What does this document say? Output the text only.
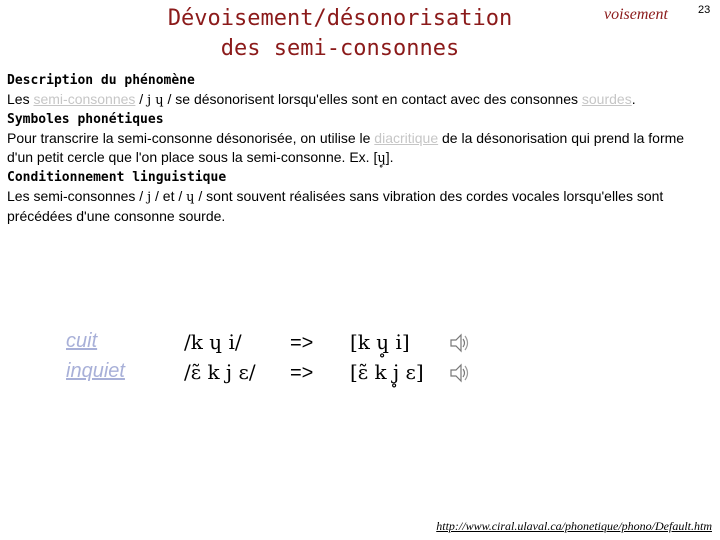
Dévoisement/désonorisation
des semi-consonnes
voisement	23
Description du phénomène
Les semi-consonnes / j ɥ / se désonorisent lorsqu'elles sont en contact avec des consonnes sourdes.
Symboles phonétiques
Pour transcrire la semi-consonne désonorisée, on utilise le diacritique de la désonorisation qui prend la forme d'un petit cercle que l'on place sous la semi-consonne. Ex. [ɥ̥].
Conditionnement linguistique
Les semi-consonnes / j / et / ɥ / sont souvent réalisées sans vibration des cordes vocales lorsqu'elles sont précédées d'une consonne sourde.
cuit	/k ɥ i/ => [k ɥ̥ i]
inquiet	/ɛ̃ k j ɛ/ => [ɛ̃ k j̥ ɛ]
http://www.ciral.ulaval.ca/phonetique/phono/Default.htm
